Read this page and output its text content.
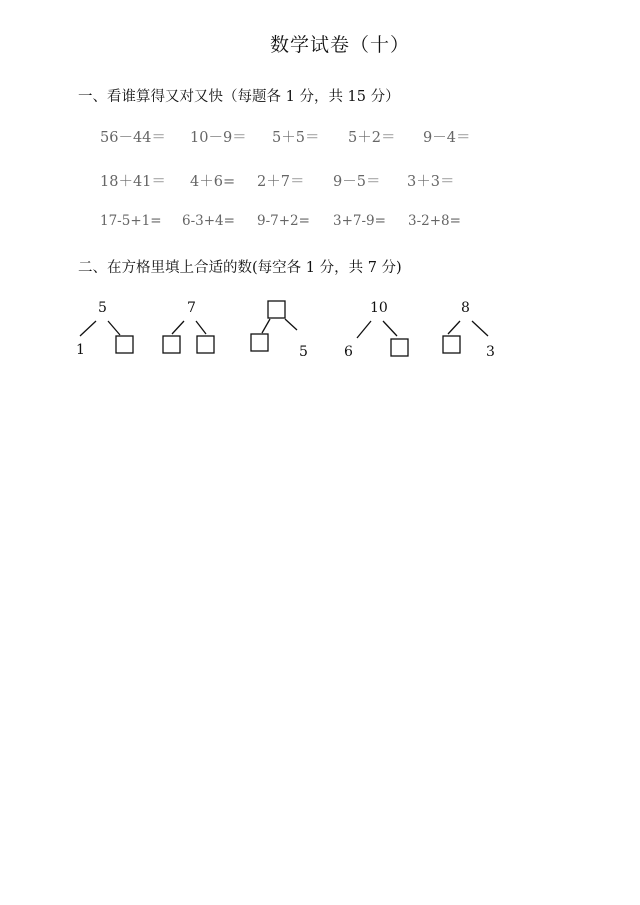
数学试卷（十）
一、看谁算得又对又快（每题各 1 分，共 15 分）
56－44＝ 10－9＝ 5＋5＝ 5＋2＝ 9－4＝
18＋41＝ 4＋6= 2＋7＝ 9－5＝ 3＋3＝
17-5+1= 6-3+4= 9-7+2= 3+7-9= 3-2+8=
二、在方格里填上合适的数(每空各 1 分，共 7 分)
5
1
7
5
10
6
8
3
